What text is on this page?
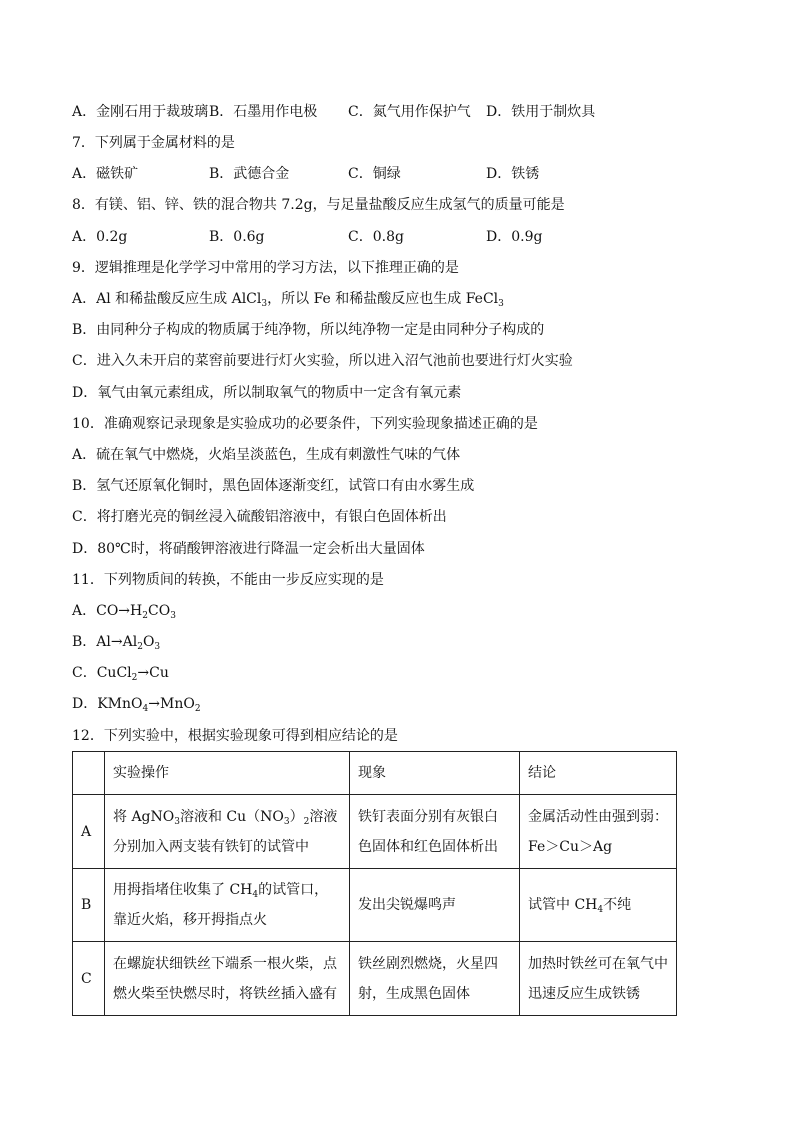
A．金刚石用于裁玻璃 B．石墨用作电极 C．氮气用作保护气 D．铁用于制炊具
7．下列属于金属材料的是
A．磁铁矿	B．武德合金	C．铜绿	D．铁锈
8．有镁、铝、锌、铁的混合物共 7.2g，与足量盐酸反应生成氢气的质量可能是
A．0.2g	B．0.6g	C．0.8g	D．0.9g
9．逻辑推理是化学学习中常用的学习方法，以下推理正确的是
A．Al 和稀盐酸反应生成 AlCl$_3$，所以 Fe 和稀盐酸反应也生成 FeCl$_3$
B．由同种分子构成的物质属于纯净物，所以纯净物一定是由同种分子构成的
C．进入久未开启的菜窖前要进行灯火实验，所以进入沼气池前也要进行灯火实验
D．氧气由氧元素组成，所以制取氧气的物质中一定含有氧元素
10．准确观察记录现象是实验成功的必要条件，下列实验现象描述正确的是
A．硫在氧气中燃烧，火焰呈淡蓝色，生成有刺激性气味的气体
B．氢气还原氧化铜时，黑色固体逐渐变红，试管口有由水雾生成
C．将打磨光亮的铜丝浸入硫酸铝溶液中，有银白色固体析出
D．80℃时，将硝酸钾溶液进行降温一定会析出大量固体
11．下列物质间的转换，不能由一步反应实现的是
A．$CO\to H_2CO_3$
B．$Al\to Al_2O_3$
C．CuCl$_2$→Cu
D．KMnO$_4$→MnO$_2$
12．下列实验中，根据实验现象可得到相应结论的是
	实验操作	现象	结论
A	将 AgNO$_3$溶液和 $Cu(NO_3)_2$溶液分别加入两支装有铁钉的试管中	铁钉表面分别有灰银白色固体和红色固体析出	金属活动性由强到弱：Fe＞Cu＞Ag
B	用拇指堵住收集了 $CH_4$的试管口，靠近火焰，移开拇指点火	发出尖锐爆鸣声	试管中 $CH_4$不纯
C	在螺旋状细铁丝下端系一根火柴，点燃火柴至快燃尽时，将铁丝插入盛有	铁丝剧烈燃烧，火星四射，生成黑色固体	加热时铁丝可在氧气中迅速反应生成铁锈
